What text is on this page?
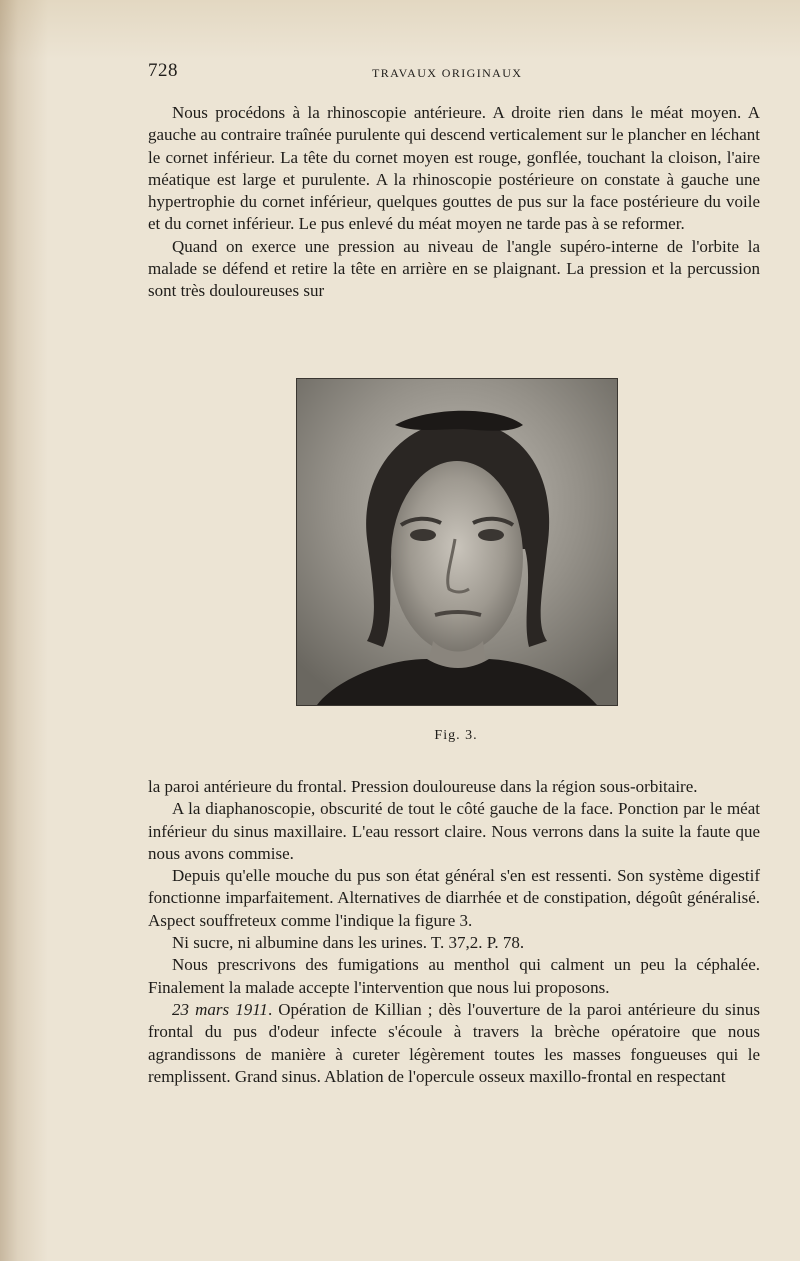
728	TRAVAUX ORIGINAUX

Nous procédons à la rhinoscopie antérieure. A droite rien dans le méat moyen. A gauche au contraire traînée purulente qui descend verticalement sur le plancher en léchant le cornet inférieur. La tête du cornet moyen est rouge, gonflée, touchant la cloison, l'aire méatique est large et purulente. A la rhinoscopie postérieure on constate à gauche une hypertrophie du cornet inférieur, quelques gouttes de pus sur la face postérieure du voile et du cornet inférieur. Le pus enlevé du méat moyen ne tarde pas à se reformer.

Quand on exerce une pression au niveau de l'angle supéro-interne de l'orbite la malade se défend et retire la tête en arrière en se plaignant. La pression et la percussion sont très douloureuses sur

Fig. 3.

la paroi antérieure du frontal. Pression douloureuse dans la région sous-orbitaire.

A la diaphanoscopie, obscurité de tout le côté gauche de la face. Ponction par le méat inférieur du sinus maxillaire. L'eau ressort claire. Nous verrons dans la suite la faute que nous avons commise.

Depuis qu'elle mouche du pus son état général s'en est ressenti. Son système digestif fonctionne imparfaitement. Alternatives de diarrhée et de constipation, dégoût généralisé. Aspect souffreteux comme l'indique la figure 3.

Ni sucre, ni albumine dans les urines. T. 37,2. P. 78.

Nous prescrivons des fumigations au menthol qui calment un peu la céphalée. Finalement la malade accepte l'intervention que nous lui proposons.

23 mars 1911. Opération de Killian ; dès l'ouverture de la paroi antérieure du sinus frontal du pus d'odeur infecte s'écoule à travers la brèche opératoire que nous agrandissons de manière à cureter légèrement toutes les masses fongueuses qui le remplissent. Grand sinus. Ablation de l'opercule osseux maxillo-frontal en respectant
